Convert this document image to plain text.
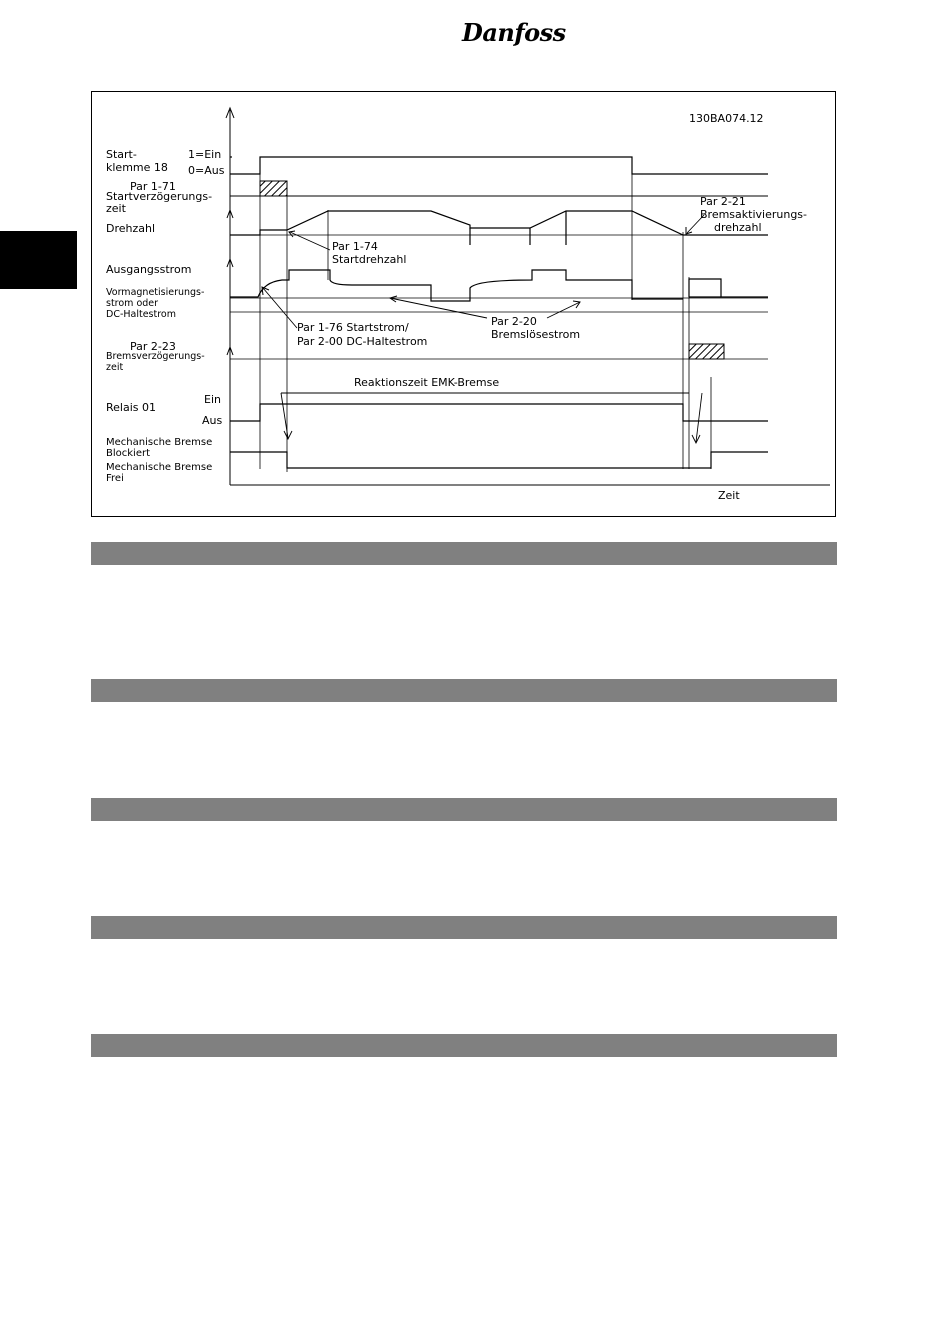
Danfoss
130BA074.12
Zeit
Start-
klemme 18
1=Ein
0=Aus
Par 1-71
Startverzögerungs-
zeit
Drehzahl
Par 1-74
Startdrehzahl
Par 2-21
Bremsaktivierungs-
drehzahl
Ausgangsstrom
Vormagnetisierungs-
strom oder
DC-Haltestrom
Par 1-76 Startstrom/
Par 2-00 DC-Haltestrom
Par 2-20
Bremslösestrom
Par 2-23
Bremsverzögerungs-
zeit
Reaktionszeit EMK-Bremse
Relais 01
Ein
Aus
Mechanische Bremse
Blockiert
Mechanische Bremse
Frei
